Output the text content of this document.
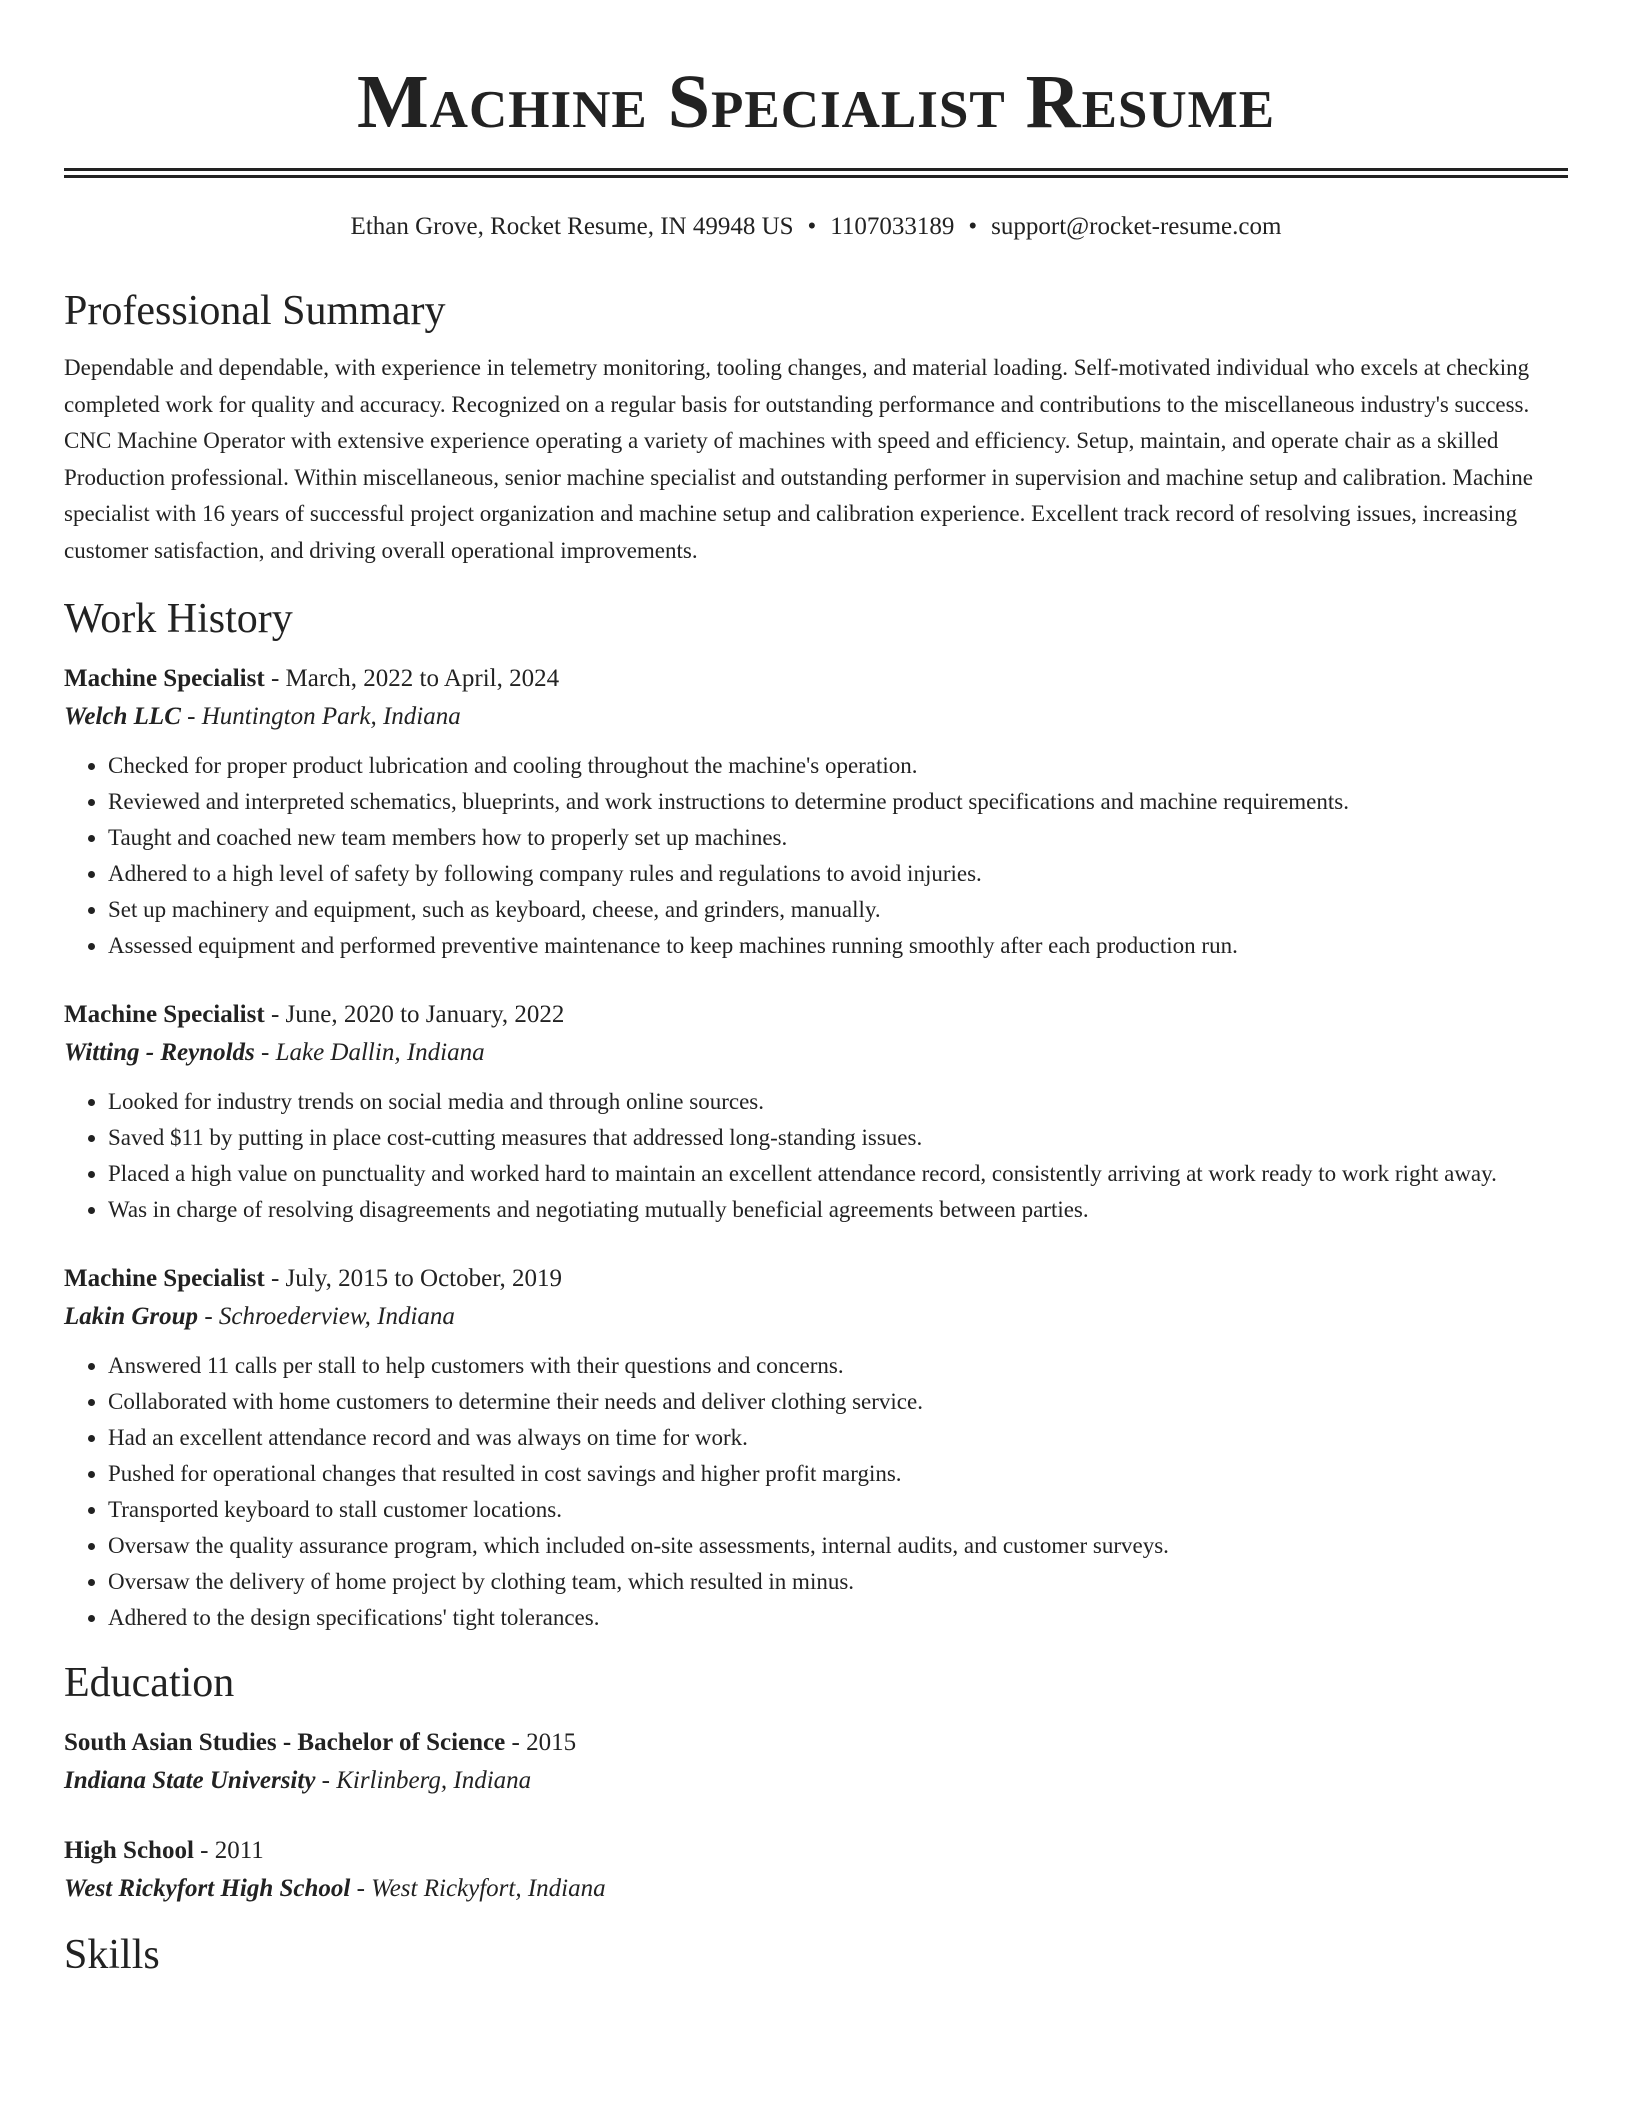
Machine Specialist Resume
Ethan Grove, Rocket Resume, IN 49948 US • 1107033189 • support@rocket-resume.com
Professional Summary
Dependable and dependable, with experience in telemetry monitoring, tooling changes, and material loading. Self-motivated individual who excels at checking completed work for quality and accuracy. Recognized on a regular basis for outstanding performance and contributions to the miscellaneous industry's success. CNC Machine Operator with extensive experience operating a variety of machines with speed and efficiency. Setup, maintain, and operate chair as a skilled Production professional. Within miscellaneous, senior machine specialist and outstanding performer in supervision and machine setup and calibration. Machine specialist with 16 years of successful project organization and machine setup and calibration experience. Excellent track record of resolving issues, increasing customer satisfaction, and driving overall operational improvements.
Work History
Machine Specialist - March, 2022 to April, 2024
Welch LLC - Huntington Park, Indiana
• Checked for proper product lubrication and cooling throughout the machine's operation.
• Reviewed and interpreted schematics, blueprints, and work instructions to determine product specifications and machine requirements.
• Taught and coached new team members how to properly set up machines.
• Adhered to a high level of safety by following company rules and regulations to avoid injuries.
• Set up machinery and equipment, such as keyboard, cheese, and grinders, manually.
• Assessed equipment and performed preventive maintenance to keep machines running smoothly after each production run.
Machine Specialist - June, 2020 to January, 2022
Witting - Reynolds - Lake Dallin, Indiana
• Looked for industry trends on social media and through online sources.
• Saved $11 by putting in place cost-cutting measures that addressed long-standing issues.
• Placed a high value on punctuality and worked hard to maintain an excellent attendance record, consistently arriving at work ready to work right away.
• Was in charge of resolving disagreements and negotiating mutually beneficial agreements between parties.
Machine Specialist - July, 2015 to October, 2019
Lakin Group - Schroederview, Indiana
• Answered 11 calls per stall to help customers with their questions and concerns.
• Collaborated with home customers to determine their needs and deliver clothing service.
• Had an excellent attendance record and was always on time for work.
• Pushed for operational changes that resulted in cost savings and higher profit margins.
• Transported keyboard to stall customer locations.
• Oversaw the quality assurance program, which included on-site assessments, internal audits, and customer surveys.
• Oversaw the delivery of home project by clothing team, which resulted in minus.
• Adhered to the design specifications' tight tolerances.
Education
South Asian Studies - Bachelor of Science - 2015
Indiana State University - Kirlinberg, Indiana
High School - 2011
West Rickyfort High School - West Rickyfort, Indiana
Skills
